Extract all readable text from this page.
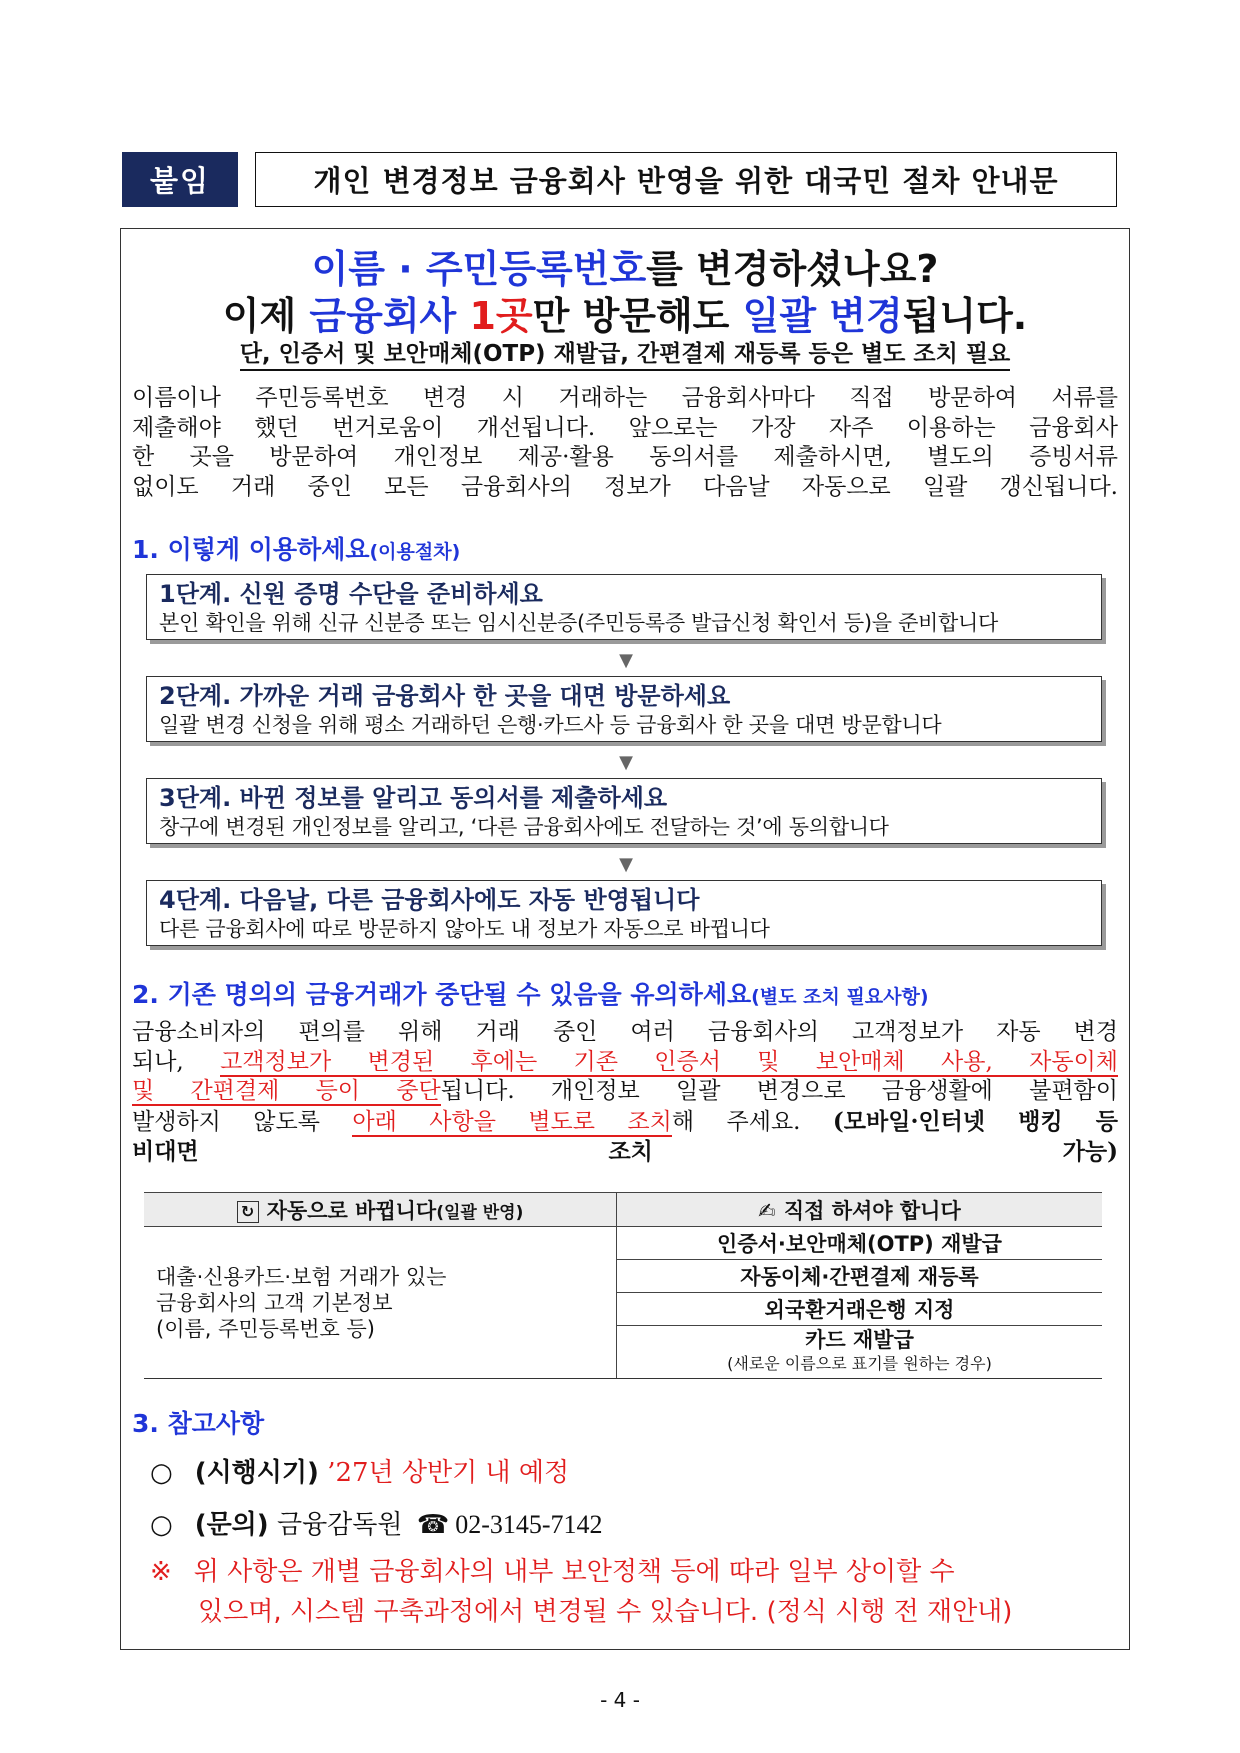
붙임	개인 변경정보 금융회사 반영을 위한 대국민 절차 안내문
이름 · 주민등록번호를 변경하셨나요?
이제 금융회사 1곳만 방문해도 일괄 변경됩니다.
단, 인증서 및 보안매체(OTP) 재발급, 간편결제 재등록 등은 별도 조치 필요
이름이나 주민등록번호 변경 시 거래하는 금융회사마다 직접 방문하여 서류를
제출해야 했던 번거로움이 개선됩니다. 앞으로는 가장 자주 이용하는 금융회사
한 곳을 방문하여 개인정보 제공·활용 동의서를 제출하시면, 별도의 증빙서류
없이도 거래 중인 모든 금융회사의 정보가 다음날 자동으로 일괄 갱신됩니다.
1. 이렇게 이용하세요(이용절차)
1단계. 신원 증명 수단을 준비하세요
본인 확인을 위해 신규 신분증 또는 임시신분증(주민등록증 발급신청 확인서 등)을 준비합니다
▼
2단계. 가까운 거래 금융회사 한 곳을 대면 방문하세요
일괄 변경 신청을 위해 평소 거래하던 은행·카드사 등 금융회사 한 곳을 대면 방문합니다
▼
3단계. 바뀐 정보를 알리고 동의서를 제출하세요
창구에 변경된 개인정보를 알리고, ‘다른 금융회사에도 전달하는 것’에 동의합니다
▼
4단계. 다음날, 다른 금융회사에도 자동 반영됩니다
다른 금융회사에 따로 방문하지 않아도 내 정보가 자동으로 바뀝니다
2. 기존 명의의 금융거래가 중단될 수 있음을 유의하세요(별도 조치 필요사항)
금융소비자의 편의를 위해 거래 중인 여러 금융회사의 고객정보가 자동 변경
되나, 고객정보가 변경된 후에는 기존 인증서 및 보안매체 사용, 자동이체
및 간편결제 등이 중단됩니다. 개인정보 일괄 변경으로 금융생활에 불편함이
발생하지 않도록 아래 사항을 별도로 조치해 주세요. (모바일·인터넷 뱅킹 등
비대면 조치 가능)
↻ 자동으로 바뀝니다(일괄 반영)	✍ 직접 하셔야 합니다

대출·신용카드·보험 거래가 있는
금융회사의 고객 기본정보
(이름, 주민등록번호 등)	인증서·보안매체(OTP) 재발급
	자동이체·간편결제 재등록
	외국환거래은행 지정

	카드 재발급
(새로운 이름으로 표기를 원하는 경우)
3. 참고사항
○ (시행시기) ’27년 상반기 내 예정
○ (문의) 금융감독원 ☎ 02-3145-7142
※ 위 사항은 개별 금융회사의 내부 보안정책 등에 따라 일부 상이할 수
있으며, 시스템 구축과정에서 변경될 수 있습니다. (정식 시행 전 재안내)
- 4 -
